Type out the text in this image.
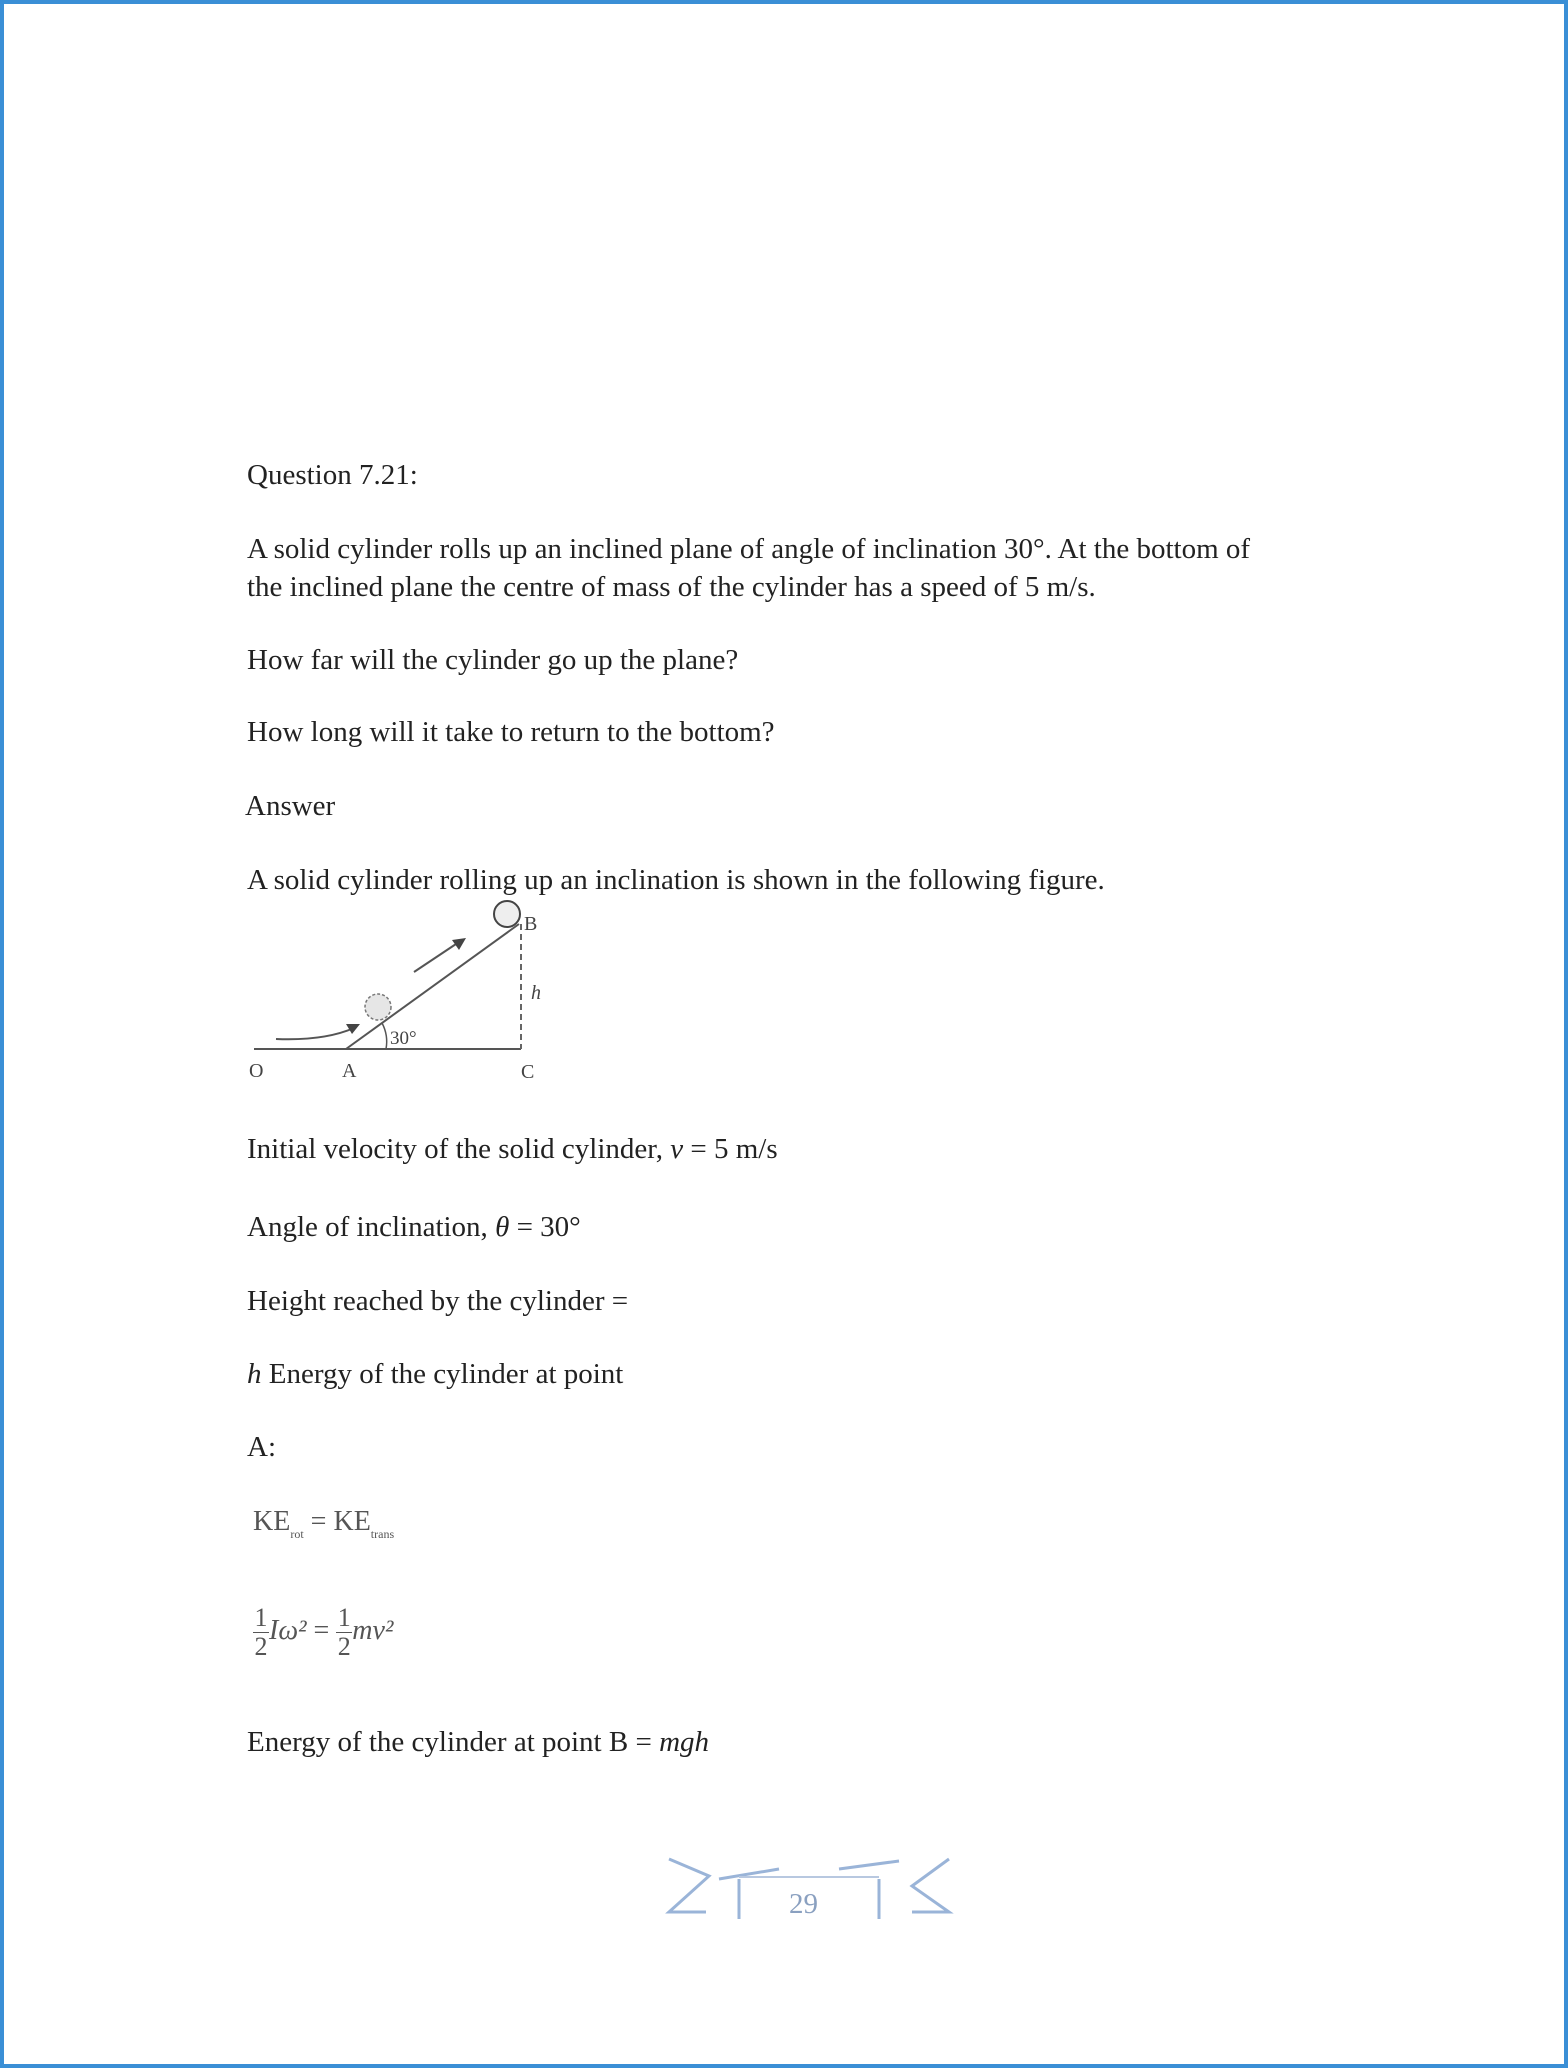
Question 7.21:
A solid cylinder rolls up an inclined plane of angle of inclination 30°. At the bottom of
the inclined plane the centre of mass of the cylinder has a speed of 5 m/s.
How far will the cylinder go up the plane?
How long will it take to return to the bottom?
Answer
A solid cylinder rolling up an inclination is shown in the following figure.
O	A
B
C
h
30°
Initial velocity of the solid cylinder, v = 5 m/s
Angle of inclination, θ = 30°
Height reached by the cylinder =
h Energy of the cylinder at point
A:
$KE_{rot} = KE_{trans}$
$\frac{1}{2} I\omega^2 = \frac{1}{2} mv^2$
Energy of the cylinder at point B = mgh
29
